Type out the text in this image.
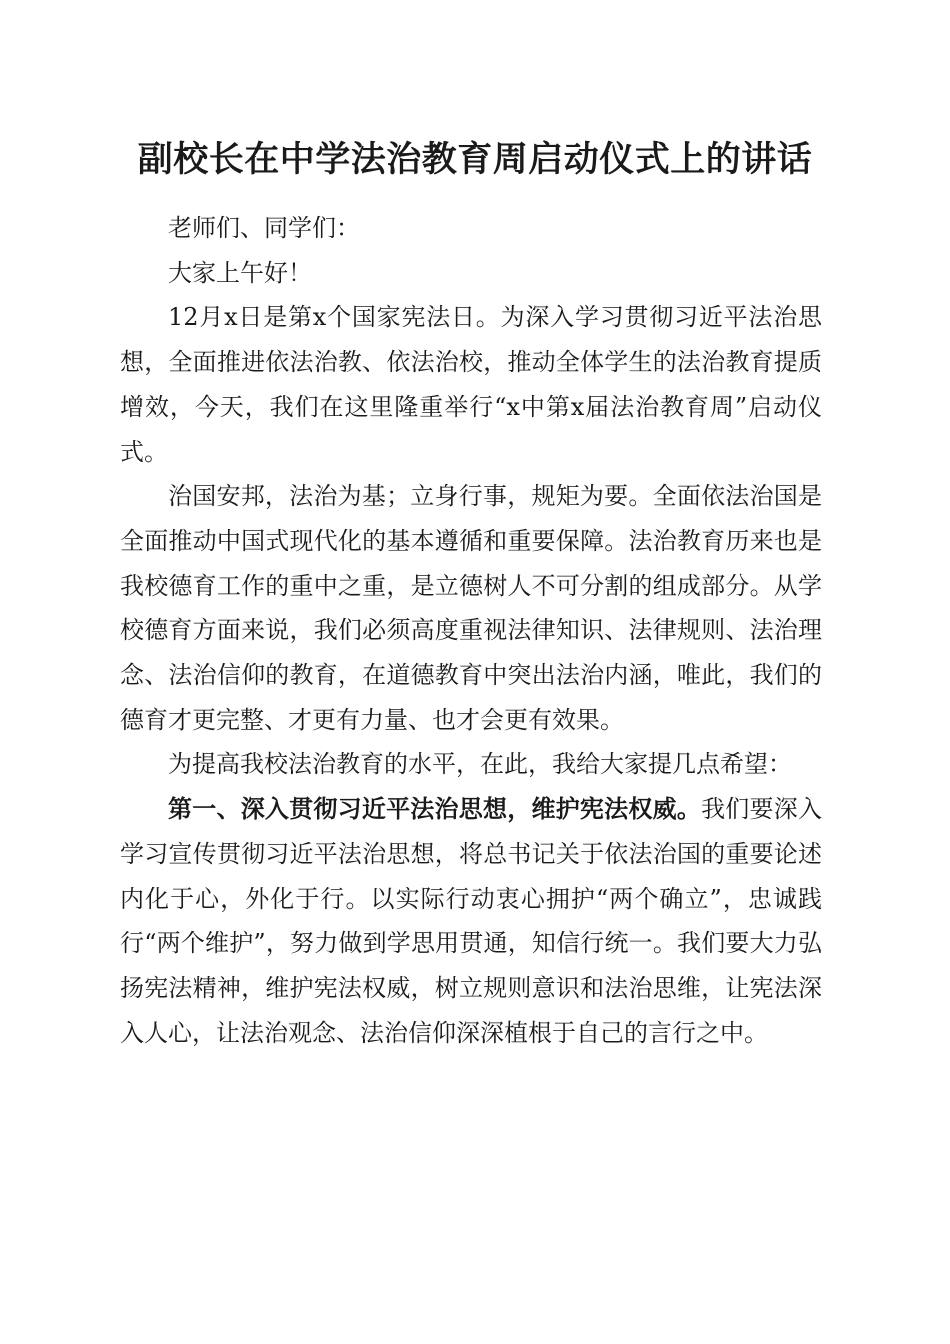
副校长在中学法治教育周启动仪式上的讲话

老师们、同学们：

大家上午好！

12月x日是第x个国家宪法日。为深入学习贯彻习近平法治思想，全面推进依法治教、依法治校，推动全体学生的法治教育提质增效，今天，我们在这里隆重举行“x中第x届法治教育周”启动仪式。

治国安邦，法治为基；立身行事，规矩为要。全面依法治国是全面推动中国式现代化的基本遵循和重要保障。法治教育历来也是我校德育工作的重中之重，是立德树人不可分割的组成部分。从学校德育方面来说，我们必须高度重视法律知识、法律规则、法治理念、法治信仰的教育，在道德教育中突出法治内涵，唯此，我们的德育才更完整、才更有力量、也才会更有效果。

为提高我校法治教育的水平，在此，我给大家提几点希望：

第一、深入贯彻习近平法治思想，维护宪法权威。我们要深入学习宣传贯彻习近平法治思想，将总书记关于依法治国的重要论述内化于心，外化于行。以实际行动衷心拥护“两个确立”，忠诚践行“两个维护”，努力做到学思用贯通，知信行统一。我们要大力弘扬宪法精神，维护宪法权威，树立规则意识和法治思维，让宪法深入人心，让法治观念、法治信仰深深植根于自己的言行之中。
